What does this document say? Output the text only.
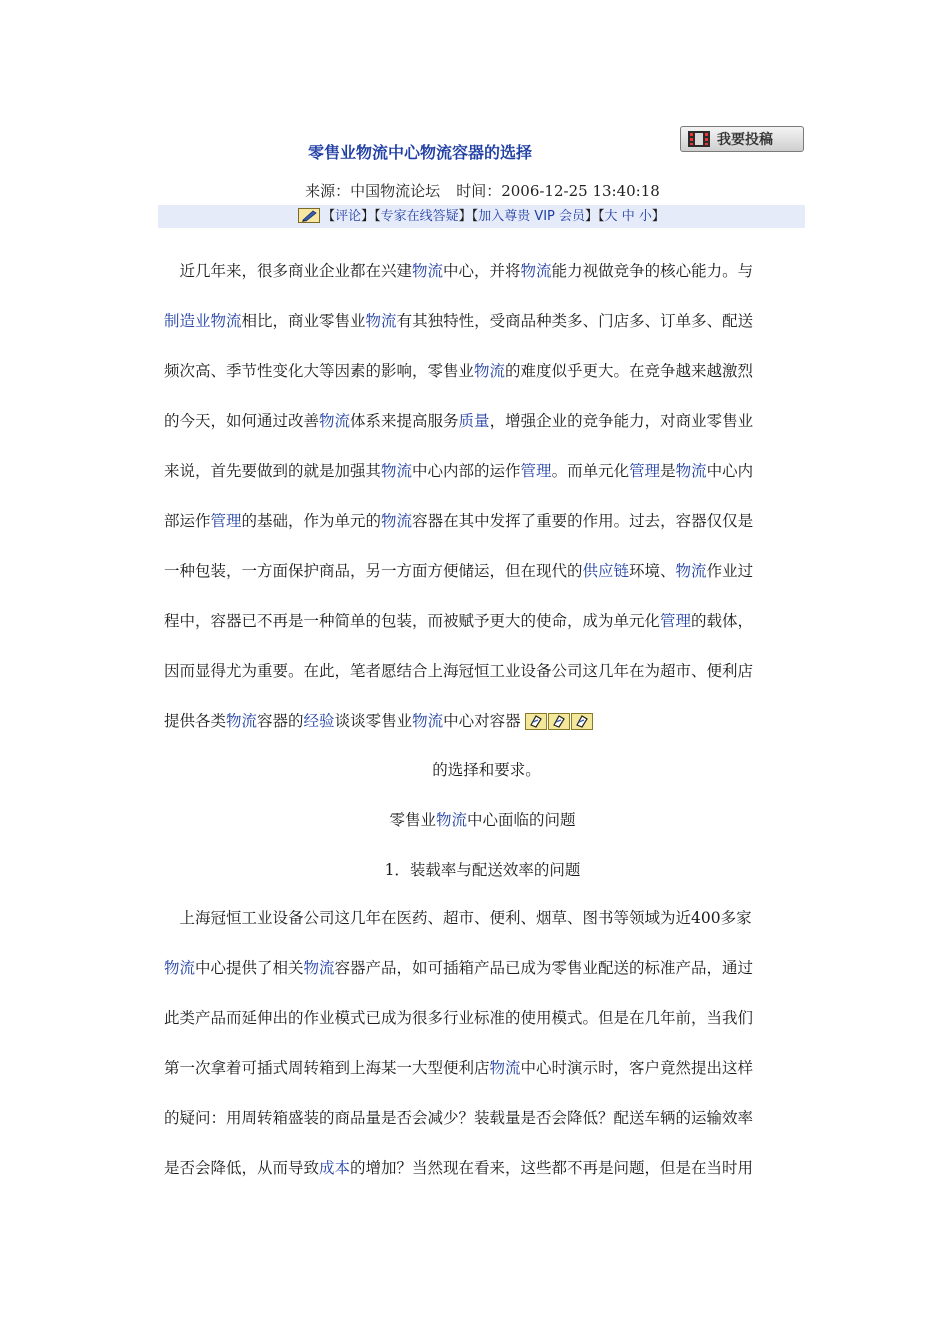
零售业物流中心物流容器的选择
我要投稿
来源：中国物流论坛 时间：2006-12-25 13:40:18
【评论】【专家在线答疑】【加入尊贵 VIP 会员】【大 中 小】
　近几年来，很多商业企业都在兴建物流中心，并将物流能力视做竞争的核心能力。与
制造业物流相比，商业零售业物流有其独特性，受商品种类多、门店多、订单多、配送
频次高、季节性变化大等因素的影响，零售业物流的难度似乎更大。在竞争越来越激烈
的今天，如何通过改善物流体系来提高服务质量，增强企业的竞争能力，对商业零售业
来说，首先要做到的就是加强其物流中心内部的运作管理。而单元化管理是物流中心内
部运作管理的基础，作为单元的物流容器在其中发挥了重要的作用。过去，容器仅仅是
一种包装，一方面保护商品，另一方面方便储运，但在现代的供应链环境、物流作业过
程中，容器已不再是一种简单的包装，而被赋予更大的使命，成为单元化管理的载体，
因而显得尤为重要。在此，笔者愿结合上海冠恒工业设备公司这几年在为超市、便利店
提供各类物流容器的经验谈谈零售业物流中心对容器
的选择和要求。
零售业物流中心面临的问题
1．装载率与配送效率的问题
　上海冠恒工业设备公司这几年在医药、超市、便利、烟草、图书等领域为近400多家
物流中心提供了相关物流容器产品，如可插箱产品已成为零售业配送的标准产品，通过
此类产品而延伸出的作业模式已成为很多行业标准的使用模式。但是在几年前，当我们
第一次拿着可插式周转箱到上海某一大型便利店物流中心时演示时，客户竟然提出这样
的疑问：用周转箱盛装的商品量是否会减少？装载量是否会降低？配送车辆的运输效率
是否会降低，从而导致成本的增加？当然现在看来，这些都不再是问题，但是在当时用
